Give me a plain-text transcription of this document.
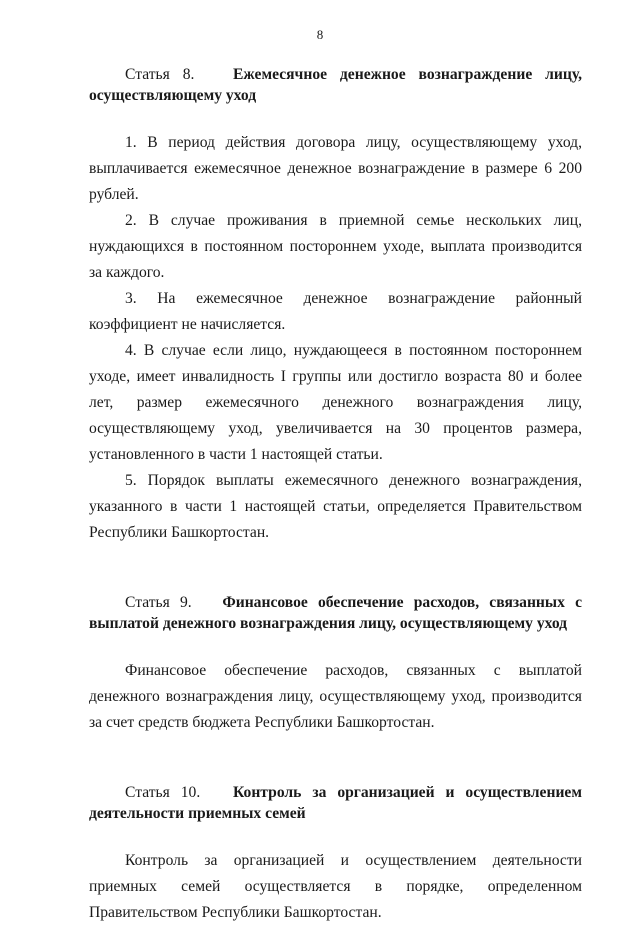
8

Статья 8. Ежемесячное денежное вознаграждение лицу, осуществляющему уход

1. В период действия договора лицу, осуществляющему уход, выплачивается ежемесячное денежное вознаграждение в размере 6 200 рублей.

2. В случае проживания в приемной семье нескольких лиц, нуждающихся в постоянном постороннем уходе, выплата производится за каждого.

3. На ежемесячное денежное вознаграждение районный коэффициент не начисляется.

4. В случае если лицо, нуждающееся в постоянном постороннем уходе, имеет инвалидность I группы или достигло возраста 80 и более лет, размер ежемесячного денежного вознаграждения лицу, осуществляющему уход, увеличивается на 30 процентов размера, установленного в части 1 настоящей статьи.

5. Порядок выплаты ежемесячного денежного вознаграждения, указанного в части 1 настоящей статьи, определяется Правительством Республики Башкортостан.

Статья 9. Финансовое обеспечение расходов, связанных с выплатой денежного вознаграждения лицу, осуществляющему уход

Финансовое обеспечение расходов, связанных с выплатой денежного вознаграждения лицу, осуществляющему уход, производится за счет средств бюджета Республики Башкортостан.

Статья 10. Контроль за организацией и осуществлением деятельности приемных семей

Контроль за организацией и осуществлением деятельности приемных семей осуществляется в порядке, определенном Правительством Республики Башкортостан.
